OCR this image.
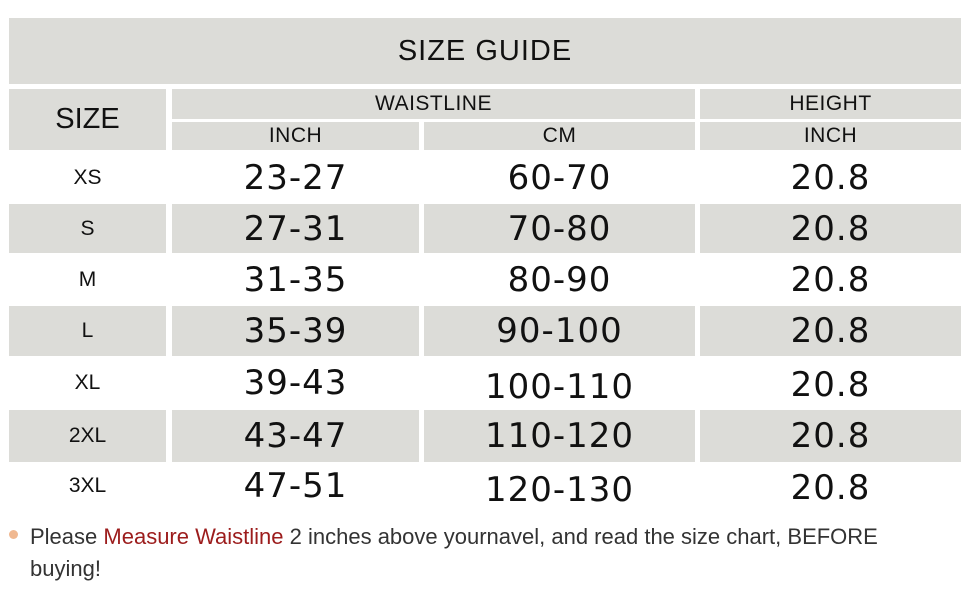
SIZE GUIDE
SIZE	WAISTLINE	HEIGHT
INCH	CM	INCH
XS	23-27	60-70	20.8
S	27-31	70-80	20.8
M	31-35	80-90	20.8
L	35-39	90-100	20.8
XL	39-43	100-110	20.8
2XL	43-47	110-120	20.8
3XL	47-51	120-130	20.8
Please Measure Waistline 2 inches above yournavel, and read the size chart, BEFORE buying!
